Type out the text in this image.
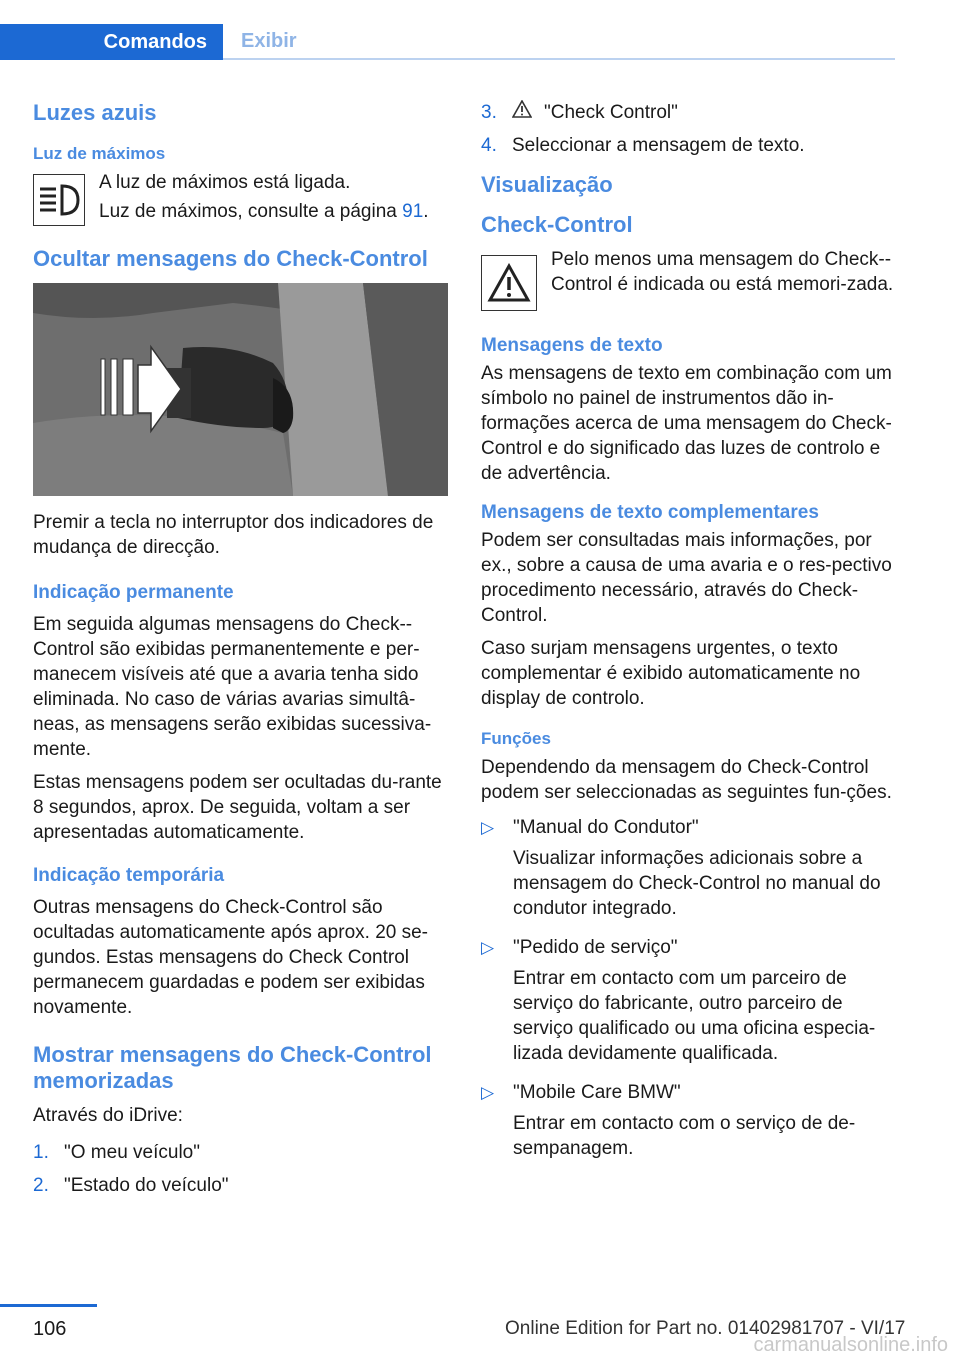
Comandos	Exibir
Luzes azuis
Luz de máximos

A luz de máximos está ligada.

Luz de máximos, consulte a página 91.

Ocultar mensagens do Check-Control

Premir a tecla no interruptor dos indicadores de mudança de direcção.

Indicação permanente

Em seguida algumas mensagens do Check--Control são exibidas permanentemente e per-manecem visíveis até que a avaria tenha sido eliminada. No caso de várias avarias simultâ-neas, as mensagens serão exibidas sucessiva-mente.

Estas mensagens podem ser ocultadas du-rante 8 segundos, aprox. De seguida, voltam a ser apresentadas automaticamente.

Indicação temporária

Outras mensagens do Check-Control são ocultadas automaticamente após aprox. 20 se-gundos. Estas mensagens do Check Control permanecem guardadas e podem ser exibidas novamente.

Mostrar mensagens do Check-Control memorizadas

Através do iDrive:

1. "O meu veículo"
2. "Estado do veículo"
3.	"Check Control"
4. Seleccionar a mensagem de texto.
Visualização
Check-Control

Pelo menos uma mensagem do Check--Control é indicada ou está memori-zada.

Mensagens de texto

As mensagens de texto em combinação com um símbolo no painel de instrumentos dão in-formações acerca de uma mensagem do Check-Control e do significado das luzes de controlo e de advertência.

Mensagens de texto complementares

Podem ser consultadas mais informações, por ex., sobre a causa de uma avaria e o res-pectivo procedimento necessário, através do Check-Control.

Caso surjam mensagens urgentes, o texto complementar é exibido automaticamente no display de controlo.

Funções

Dependendo da mensagem do Check-Control podem ser seleccionadas as seguintes fun-ções.

▷ "Manual do Condutor"

Visualizar informações adicionais sobre a mensagem do Check-Control no manual do condutor integrado.

▷ "Pedido de serviço"

Entrar em contacto com um parceiro de serviço do fabricante, outro parceiro de serviço qualificado ou uma oficina especia-lizada devidamente qualificada.

▷ "Mobile Care BMW"

Entrar em contacto com o serviço de de-sempanagem.

106	Online Edition for Part no. 01402981707 - VI/17
carmanualsonline.info
